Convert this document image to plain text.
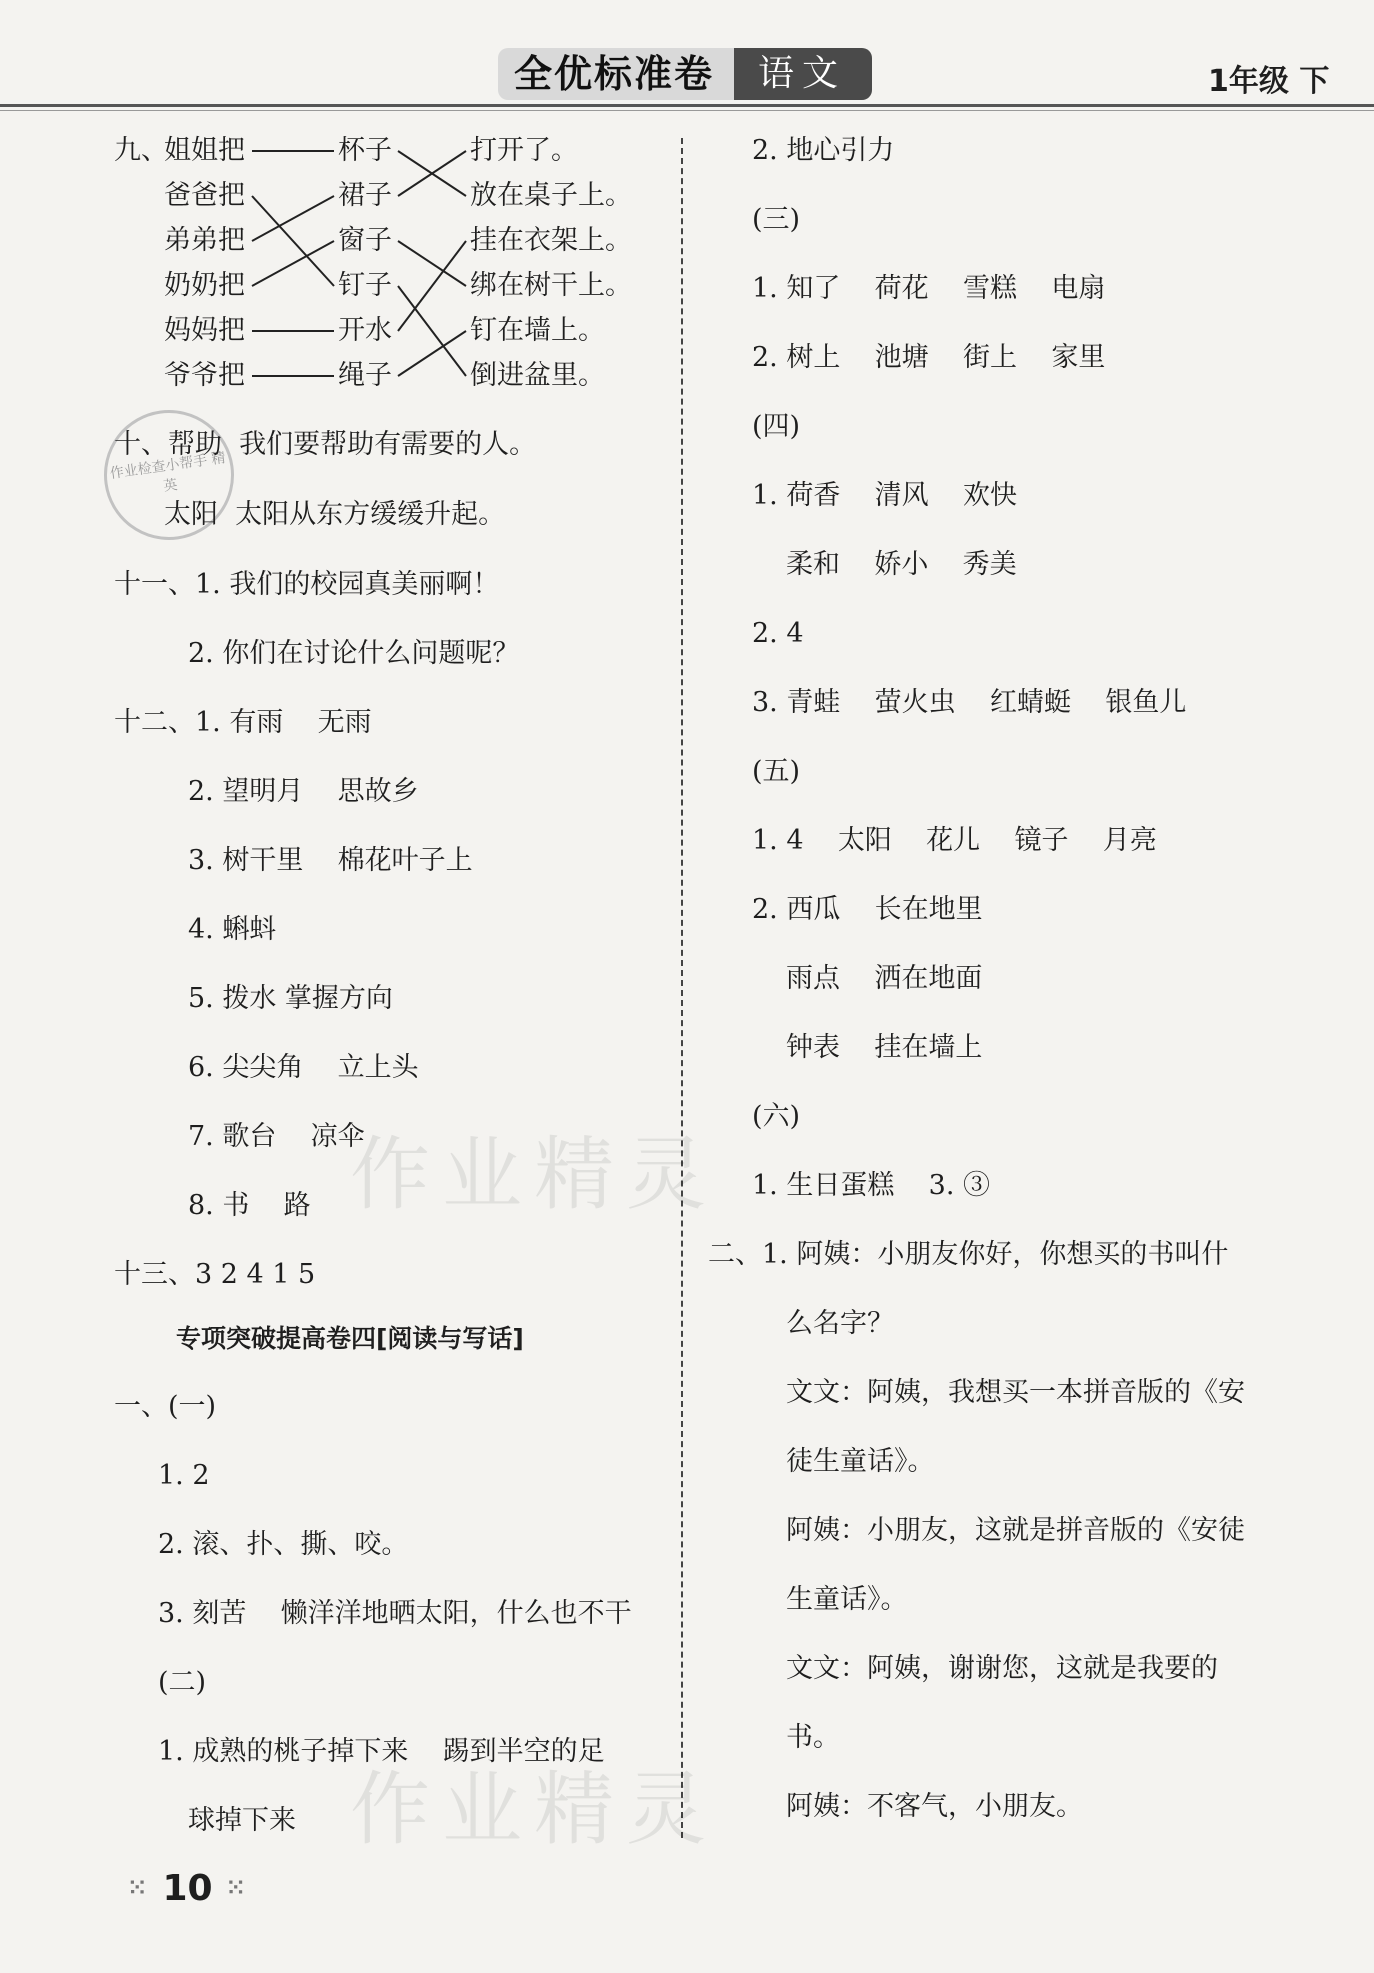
全优标准卷	语文	1年级 下
九、
姐姐把
爸爸把
弟弟把
奶奶把
妈妈把
爷爷把
杯子
裙子
窗子
钉子
开水
绳子
打开了。
放在桌子上。
挂在衣架上。
绑在树干上。
钉在墙上。
倒进盆里。
作业检查小帮手 精英
十、帮助  我们要帮助有需要的人。
太阳  太阳从东方缓缓升起。
十一、1. 我们的校园真美丽啊！
2. 你们在讨论什么问题呢？
十二、1. 有雨    无雨
2. 望明月    思故乡
3. 树干里    棉花叶子上
4. 蝌蚪
5. 拨水 掌握方向
6. 尖尖角    立上头
7. 歌台    凉伞
8. 书    路
十三、3 2 4 1 5
专项突破提高卷四[阅读与写话]
一、(一)
1. 2
2. 滚、扑、撕、咬。
3. 刻苦    懒洋洋地晒太阳，什么也不干
(二)
1. 成熟的桃子掉下来    踢到半空的足
球掉下来
2. 地心引力
(三)
1. 知了    荷花    雪糕    电扇
2. 树上    池塘    街上    家里
(四)
1. 荷香    清风    欢快
柔和    娇小    秀美
2. 4
3. 青蛙    萤火虫    红蜻蜓    银鱼儿
(五)
1. 4    太阳    花儿    镜子    月亮
2. 西瓜    长在地里
雨点    洒在地面
钟表    挂在墙上
(六)
1. 生日蛋糕    3. ③
二、1. 阿姨：小朋友你好，你想买的书叫什
么名字？
文文：阿姨，我想买一本拼音版的《安
徒生童话》。
阿姨：小朋友，这就是拼音版的《安徒
生童话》。
文文：阿姨，谢谢您，这就是我要的
书。
阿姨：不客气，小朋友。
作业精灵
作业精灵
⁙ 10 ⁙
